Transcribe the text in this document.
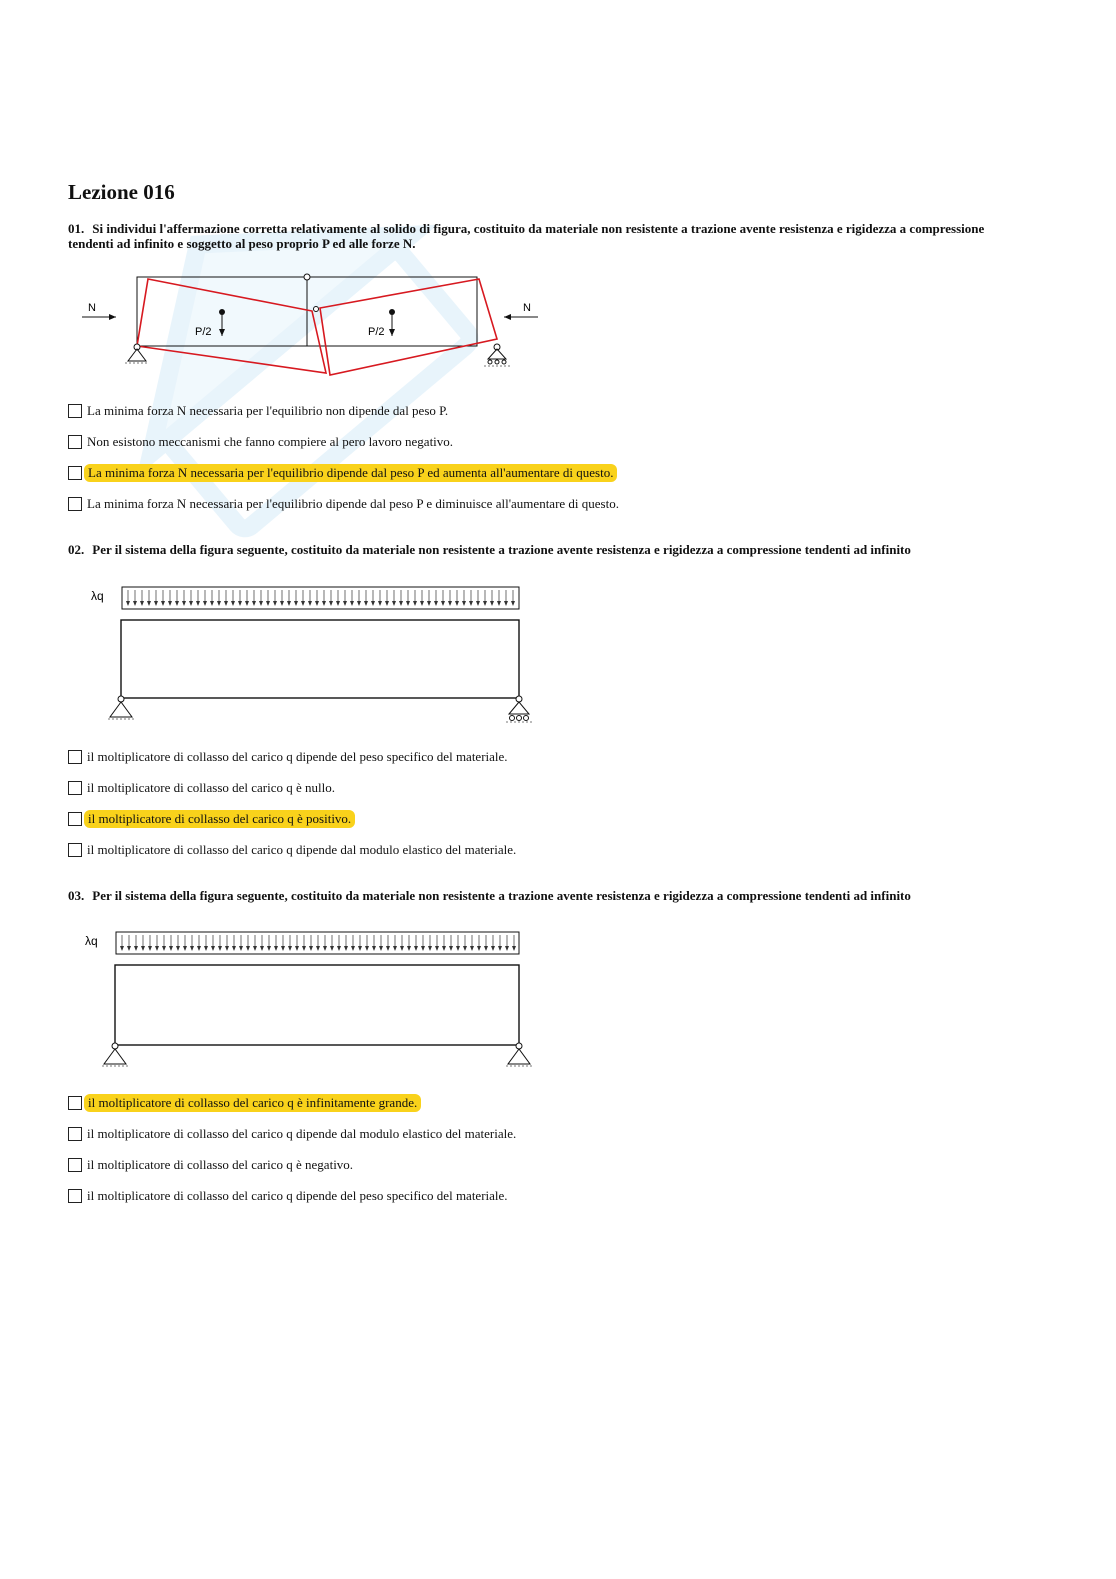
Lezione 016

01. Si individui l'affermazione corretta relativamente al solido di figura, costituito da materiale non resistente a trazione avente resistenza e rigidezza a compressione tendenti ad infinito e soggetto al peso proprio P ed alle forze N.

N	N
P/2	P/2
La minima forza N necessaria per l'equilibrio non dipende dal peso P.
Non esistono meccanismi che fanno compiere al pero lavoro negativo.
La minima forza N necessaria per l'equilibrio dipende dal peso P ed aumenta all'aumentare di questo.
La minima forza N necessaria per l'equilibrio dipende dal peso P e diminuisce all'aumentare di questo.

02. Per il sistema della figura seguente, costituito da materiale non resistente a trazione avente resistenza e rigidezza a compressione tendenti ad infinito

λq
il moltiplicatore di collasso del carico q dipende del peso specifico del materiale.
il moltiplicatore di collasso del carico q è nullo.
il moltiplicatore di collasso del carico q è positivo.
il moltiplicatore di collasso del carico q dipende dal modulo elastico del materiale.

03. Per il sistema della figura seguente, costituito da materiale non resistente a trazione avente resistenza e rigidezza a compressione tendenti ad infinito

λq
il moltiplicatore di collasso del carico q è infinitamente grande.
il moltiplicatore di collasso del carico q dipende dal modulo elastico del materiale.
il moltiplicatore di collasso del carico q è negativo.
il moltiplicatore di collasso del carico q dipende del peso specifico del materiale.
